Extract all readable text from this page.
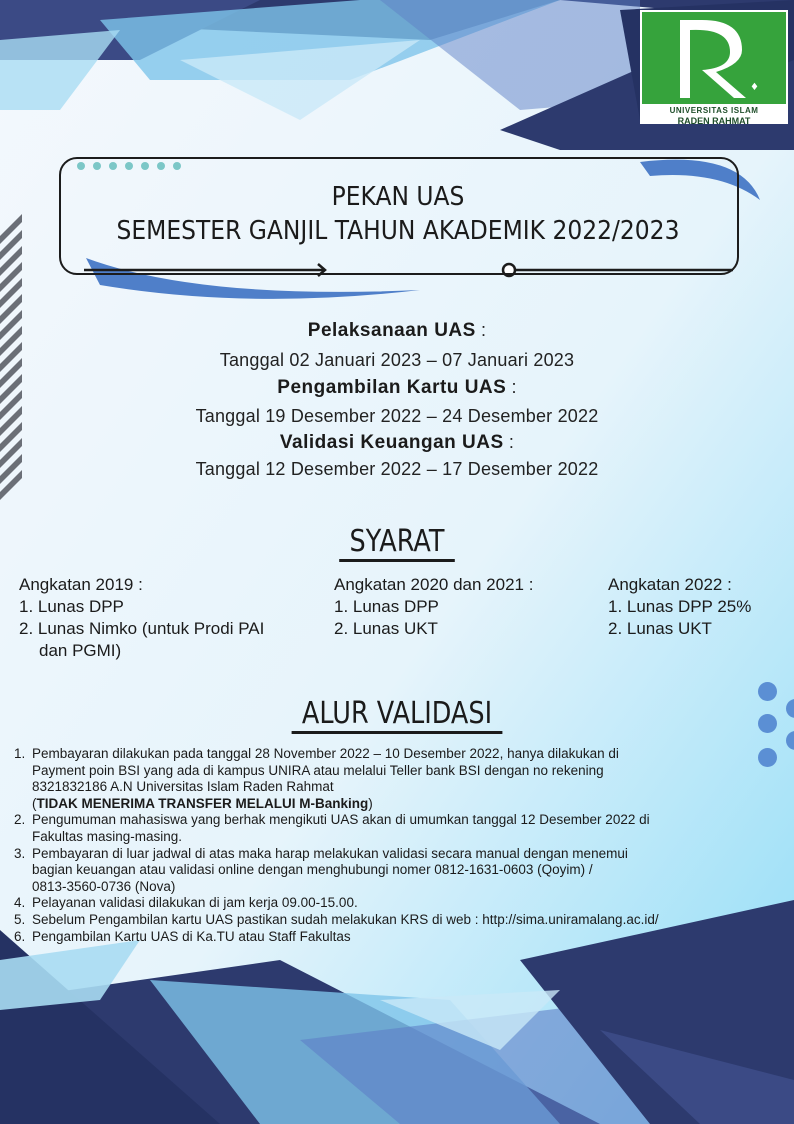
♦
UNIVERSITAS ISLAM
RADEN RAHMAT
PEKAN UAS
SEMESTER GANJIL TAHUN AKADEMIK 2022/2023
Pelaksanaan UAS :
Tanggal 02 Januari 2023 – 07 Januari 2023
Pengambilan Kartu UAS :
Tanggal 19 Desember 2022 – 24 Desember 2022
Validasi Keuangan UAS :
Tanggal 12 Desember 2022 – 17 Desember 2022
SYARAT
Angkatan 2019 :
1. Lunas DPP
2. Lunas Nimko (untuk Prodi PAI
dan PGMI)
Angkatan 2020 dan 2021 :
1. Lunas DPP
2. Lunas UKT
Angkatan 2022 :
1. Lunas DPP 25%
2. Lunas UKT
ALUR VALIDASI
1. Pembayaran dilakukan pada tanggal 28 November 2022 – 10 Desember 2022, hanya dilakukan di
Payment poin BSI yang ada di kampus UNIRA atau melalui Teller bank BSI dengan no rekening
8321832186 A.N Universitas Islam Raden Rahmat
(TIDAK MENERIMA TRANSFER MELALUI M-Banking)
2. Pengumuman mahasiswa yang berhak mengikuti UAS akan di umumkan tanggal 12 Desember 2022 di
Fakultas masing-masing.
3. Pembayaran di luar jadwal di atas maka harap melakukan validasi secara manual dengan menemui
bagian keuangan atau validasi online dengan menghubungi nomer 0812-1631-0603 (Qoyim) /
0813-3560-0736 (Nova)
4. Pelayanan validasi dilakukan di jam kerja 09.00-15.00.
5. Sebelum Pengambilan kartu UAS pastikan sudah melakukan KRS di web : http://sima.uniramalang.ac.id/
6. Pengambilan Kartu UAS di Ka.TU atau Staff Fakultas
